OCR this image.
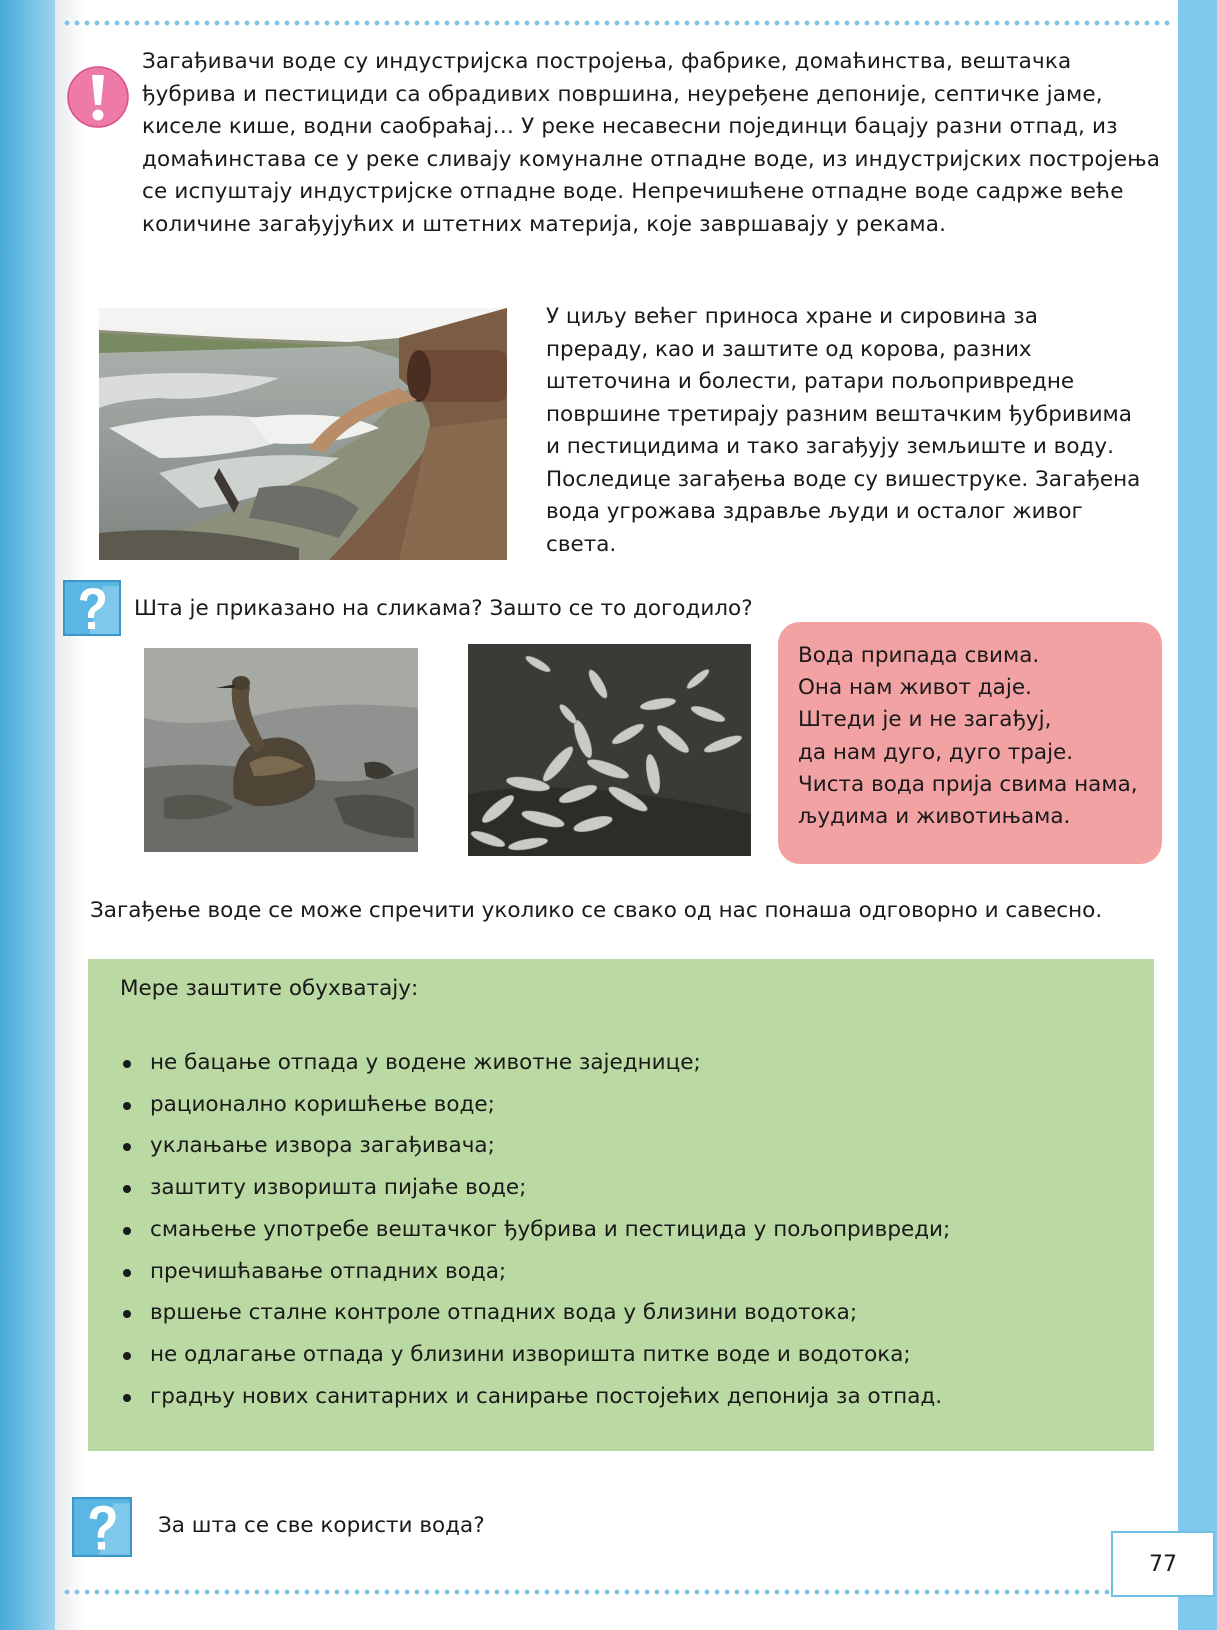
Загађивачи воде су индустријска постројења, фабрике, домаћинства, вештачка ђубрива и пестициди са обрадивих површина, неуређене депоније, септичке јаме, киселе кише, водни саобраћај… У реке несавесни појединци бацају разни отпад, из домаћинстава се у реке сливају комуналне отпадне воде, из индустријских постројења се испуштају индустријске отпадне воде. Непречишћене отпадне воде садрже веће количине загађујућих и штетних материја, које завршавају у рекама.

У циљу већег приноса хране и сировина за прераду, као и заштите од корова, разних штеточина и болести, ратари пољопривредне површине третирају разним вештачким ђубривима и пестицидима и тако загађују земљиште и воду. Последице загађења воде су вишеструке. Загађена вода угрожава здравље људи и осталог живог света.

Шта је приказано на сликама? Зашто се то догодило?

Вода припада свима.
Она нам живот даје.
Штеди је и не загађуј,
да нам дуго, дуго траје.
Чиста вода прија свима нама,
људима и животињама.

Загађење воде се може спречити уколико се свако од нас понаша одговорно и савесно.

Мере заштите обухватају:

не бацање отпада у водене животне заједнице;
рационално коришћење воде;
уклањање извора загађивача;
заштиту изворишта пијаће воде;
смањење употребе вештачког ђубрива и пестицида у пољопривреди;
пречишћавање отпадних вода;
вршење сталне контроле отпадних вода у близини водотока;
не одлагање отпада у близини изворишта питке воде и водотока;
градњу нових санитарних и санирање постојећих депонија за отпад.

За шта се све користи вода?

77
